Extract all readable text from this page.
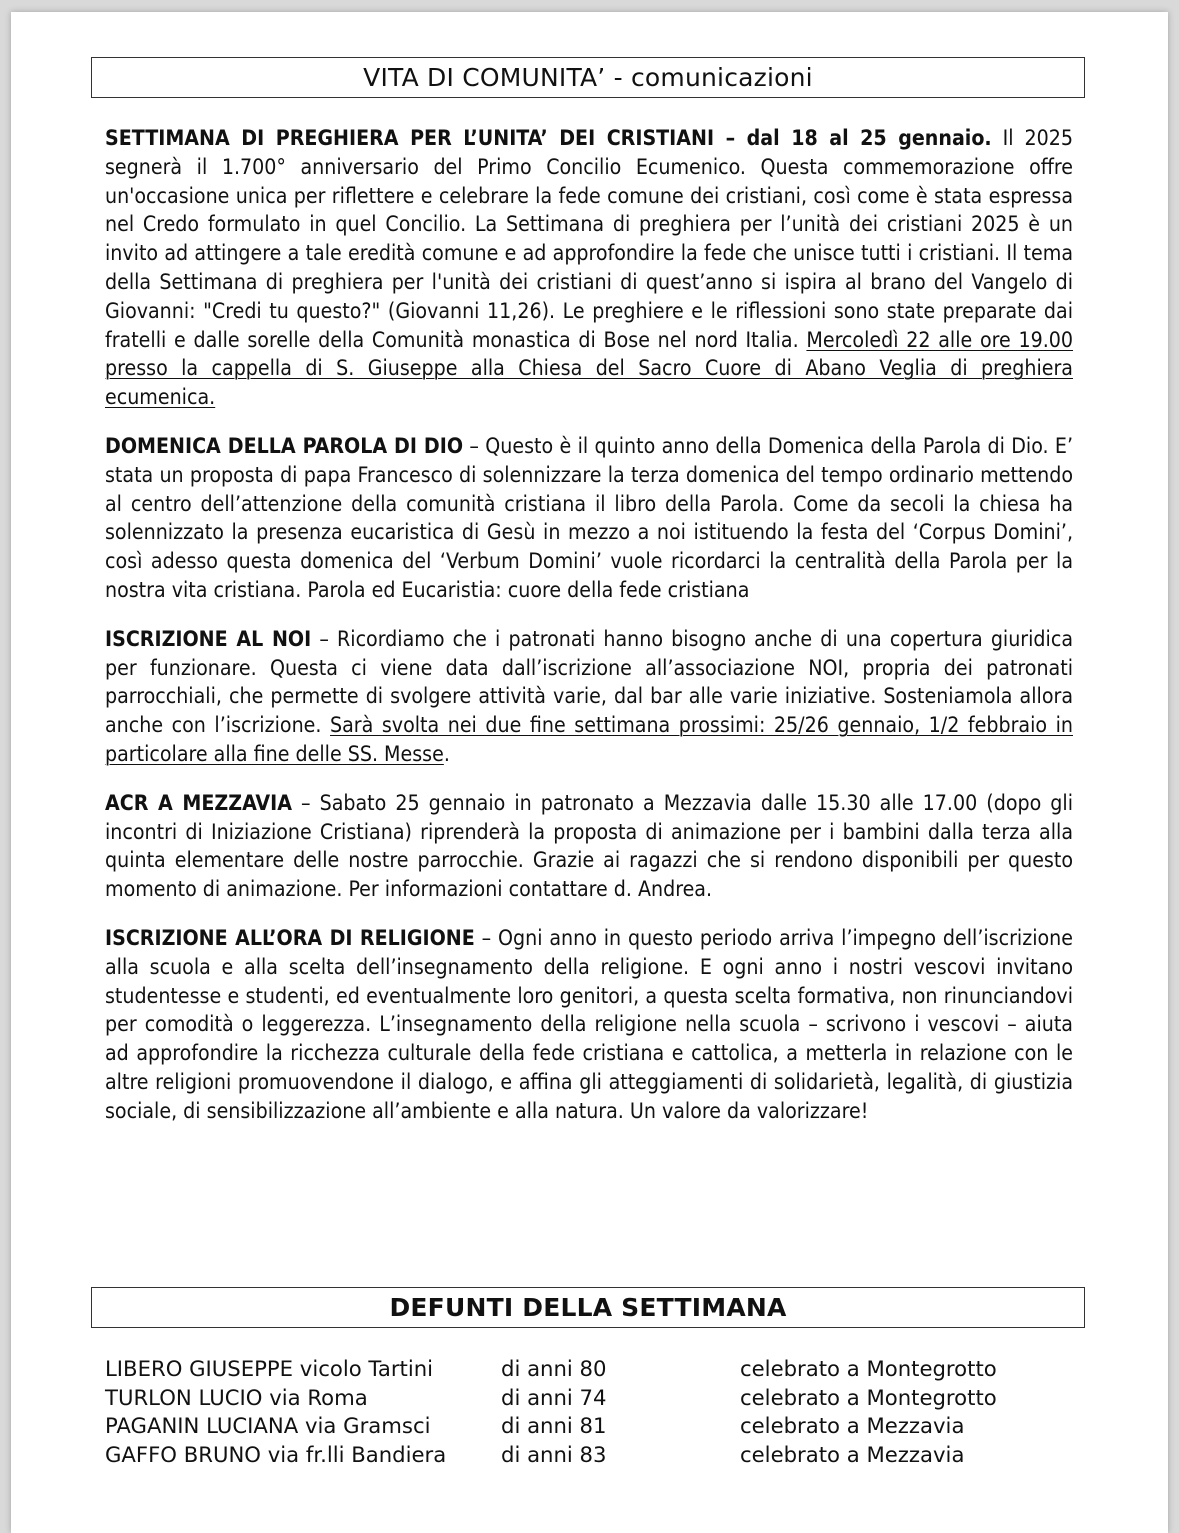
VITA DI COMUNITA’ - comunicazioni

SETTIMANA DI PREGHIERA PER L’UNITA’ DEI CRISTIANI – dal 18 al 25 gennaio. Il 2025 segnerà il 1.700° anniversario del Primo Concilio Ecumenico. Questa commemorazione offre un'occasione unica per riflettere e celebrare la fede comune dei cristiani, così come è stata espressa nel Credo formulato in quel Concilio. La Settimana di preghiera per l’unità dei cristiani 2025 è un invito ad attingere a tale eredità comune e ad approfondire la fede che unisce tutti i cristiani. Il tema della Settimana di preghiera per l'unità dei cristiani di quest’anno si ispira al brano del Vangelo di Giovanni: "Credi tu questo?" (Giovanni 11,26). Le preghiere e le riflessioni sono state preparate dai fratelli e dalle sorelle della Comunità monastica di Bose nel nord Italia. Mercoledì 22 alle ore 19.00 presso la cappella di S. Giuseppe alla Chiesa del Sacro Cuore di Abano Veglia di preghiera ecumenica.

DOMENICA DELLA PAROLA DI DIO – Questo è il quinto anno della Domenica della Parola di Dio. E’ stata un proposta di papa Francesco di solennizzare la terza domenica del tempo ordinario mettendo al centro dell’attenzione della comunità cristiana il libro della Parola. Come da secoli la chiesa ha solennizzato la presenza eucaristica di Gesù in mezzo a noi istituendo la festa del ‘Corpus Domini’, così adesso questa domenica del ‘Verbum Domini’ vuole ricordarci la centralità della Parola per la nostra vita cristiana. Parola ed Eucaristia: cuore della fede cristiana

ISCRIZIONE AL NOI – Ricordiamo che i patronati hanno bisogno anche di una copertura giuridica per funzionare. Questa ci viene data dall’iscrizione all’associazione NOI, propria dei patronati parrocchiali, che permette di svolgere attività varie, dal bar alle varie iniziative. Sosteniamola allora anche con l’iscrizione. Sarà svolta nei due fine settimana prossimi: 25/26 gennaio, 1/2 febbraio in particolare alla fine delle SS. Messe.

ACR A MEZZAVIA – Sabato 25 gennaio in patronato a Mezzavia dalle 15.30 alle 17.00 (dopo gli incontri di Iniziazione Cristiana) riprenderà la proposta di animazione per i bambini dalla terza alla quinta elementare delle nostre parrocchie. Grazie ai ragazzi che si rendono disponibili per questo momento di animazione. Per informazioni contattare d. Andrea.

ISCRIZIONE ALL’ORA DI RELIGIONE – Ogni anno in questo periodo arriva l’impegno dell’iscrizione alla scuola e alla scelta dell’insegnamento della religione. E ogni anno i nostri vescovi invitano studentesse e studenti, ed eventualmente loro genitori, a questa scelta formativa, non rinunciandovi per comodità o leggerezza. L’insegnamento della religione nella scuola – scrivono i vescovi – aiuta ad approfondire la ricchezza culturale della fede cristiana e cattolica, a metterla in relazione con le altre religioni promuovendone il dialogo, e affina gli atteggiamenti di solidarietà, legalità, di giustizia sociale, di sensibilizzazione all’ambiente e alla natura. Un valore da valorizzare!

DEFUNTI DELLA SETTIMANA
LIBERO GIUSEPPE vicolo Tartini	di anni 80	celebrato a Montegrotto
TURLON LUCIO via Roma	di anni 74	celebrato a Montegrotto
PAGANIN LUCIANA via Gramsci	di anni 81	celebrato a Mezzavia
GAFFO BRUNO via fr.lli Bandiera	di anni 83	celebrato a Mezzavia
